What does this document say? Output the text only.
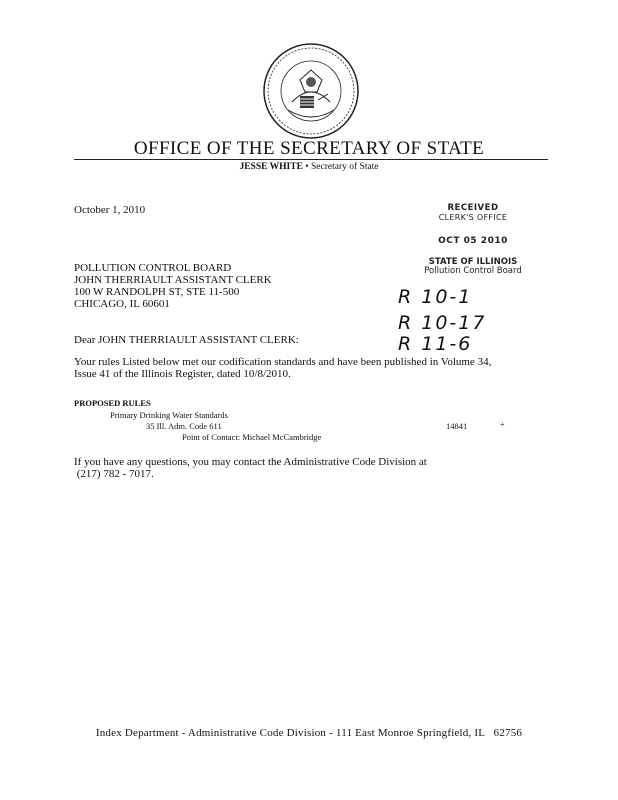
OFFICE OF THE SECRETARY OF STATE
JESSE WHITE • Secretary of State
October 1, 2010	RECEIVED
CLERK'S OFFICE
OCT 05 2010
STATE OF ILLINOIS
Pollution Control Board
POLLUTION CONTROL BOARD
JOHN THERRIAULT ASSISTANT CLERK
100 W RANDOLPH ST, STE 11-500
CHICAGO, IL 60601	R 10-1
R 10-17
R 11-6
Dear JOHN THERRIAULT ASSISTANT CLERK:
Your rules Listed below met our codification standards and have been published in Volume 34,
Issue 41 of the Illinois Register, dated 10/8/2010.
PROPOSED RULES
Primary Drinking Water Standards
35 Ill. Adm. Code 611	14841	+
Point of Contact: Michael McCambridge
If you have any questions, you may contact the Administrative Code Division at
(217) 782 - 7017.
Index Department - Administrative Code Division - 111 East Monroe Springfield, IL   62756
